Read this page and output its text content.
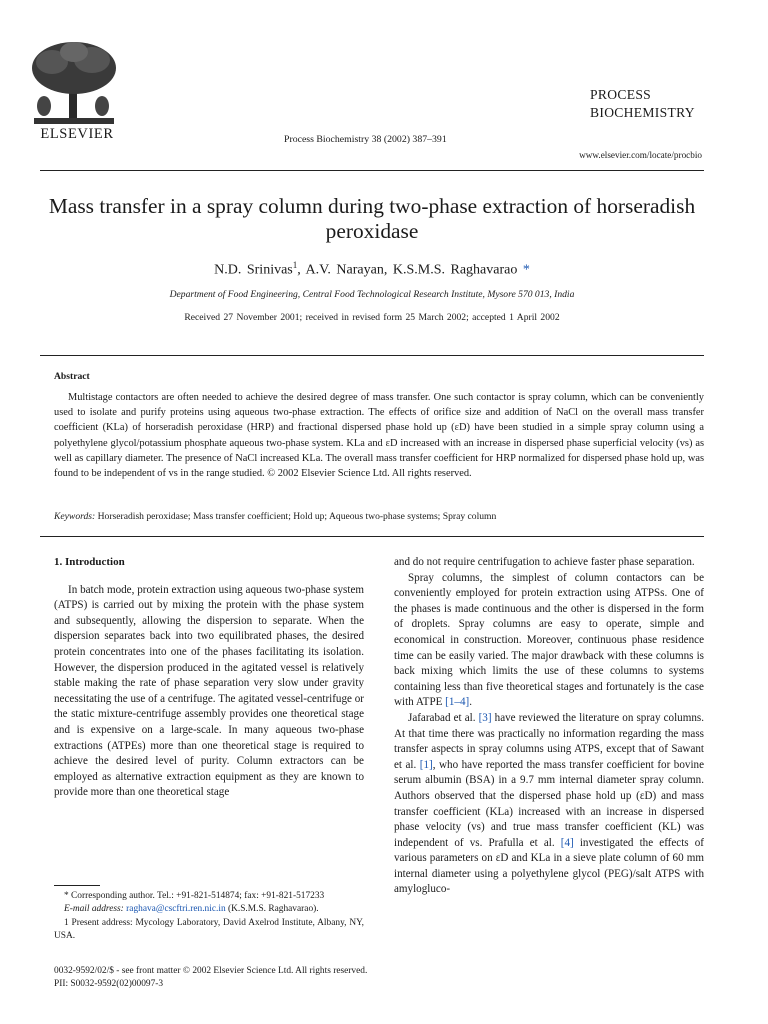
ELSEVIER	Process Biochemistry 38 (2002) 387–391
PROCESS
BIOCHEMISTRY
www.elsevier.com/locate/procbio
Mass transfer in a spray column during two-phase extraction of horseradish peroxidase
N.D. Srinivas$^1$, A.V. Narayan, K.S.M.S. Raghavarao *
Department of Food Engineering, Central Food Technological Research Institute, Mysore 570 013, India
Received 27 November 2001; received in revised form 25 March 2002; accepted 1 April 2002
Abstract

Multistage contactors are often needed to achieve the desired degree of mass transfer. One such contactor is spray column, which can be conveniently used to isolate and purify proteins using aqueous two-phase extraction. The effects of orifice size and addition of NaCl on the overall mass transfer coefficient (KLa) of horseradish peroxidase (HRP) and fractional dispersed phase hold up (εD) have been studied in a simple spray column using a polyethylene glycol/potassium phosphate aqueous two-phase system. KLa and εD increased with an increase in dispersed phase superficial velocity (vs) as well as capillary diameter. The presence of NaCl increased KLa. The overall mass transfer coefficient for HRP normalized for dispersed phase hold up, was found to be independent of vs in the range studied. © 2002 Elsevier Science Ltd. All rights reserved.

Keywords: Horseradish peroxidase; Mass transfer coefficient; Hold up; Aqueous two-phase systems; Spray column
1. Introduction

In batch mode, protein extraction using aqueous two-phase system (ATPS) is carried out by mixing the protein with the phase system and subsequently, allowing the dispersion to separate. When the dispersion separates back into two equilibrated phases, the desired protein concentrates into one of the phases facilitating its isolation. However, the dispersion produced in the agitated vessel is relatively stable making the rate of phase separation very slow under gravity necessitating the use of a centrifuge. The agitated vessel-centrifuge or the static mixture-centrifuge assembly provides one theoretical stage and is expensive on a large-scale. In many aqueous two-phase extractions (ATPEs) more than one theoretical stage is required to achieve the desired level of purity. Column extractors can be employed as alternative extraction equipment as they are known to provide more than one theoretical stage

* Corresponding author. Tel.: +91-821-514874; fax: +91-821-517233

E-mail address: raghava@cscftri.ren.nic.in (K.S.M.S. Raghavarao).

1 Present address: Mycology Laboratory, David Axelrod Institute, Albany, NY, USA.

and do not require centrifugation to achieve faster phase separation.

Spray columns, the simplest of column contactors can be conveniently employed for protein extraction using ATPSs. One of the phases is made continuous and the other is dispersed in the form of droplets. Spray columns are easy to operate, simple and economical in construction. Moreover, continuous phase residence time can be easily varied. The major drawback with these columns is back mixing which limits the use of these columns to systems containing less than five theoretical stages and fortunately is the case with ATPE [1–4].

Jafarabad et al. [3] have reviewed the literature on spray columns. At that time there was practically no information regarding the mass transfer aspects in spray columns using ATPS, except that of Sawant et al. [1], who have reported the mass transfer coefficient for bovine serum albumin (BSA) in a 9.7 mm internal diameter spray column. Authors observed that the dispersed phase hold up (εD) and mass transfer coefficient (KLa) increased with an increase in dispersed phase velocity (vs) and true mass transfer coefficient (KL) was independent of vs. Prafulla et al. [4] investigated the effects of various parameters on εD and KLa in a sieve plate column of 60 mm internal diameter using a polyethylene glycol (PEG)/salt ATPS with amylogluco-

0032-9592/02/$ - see front matter © 2002 Elsevier Science Ltd. All rights reserved.
PII: S0032-9592(02)00097-3
